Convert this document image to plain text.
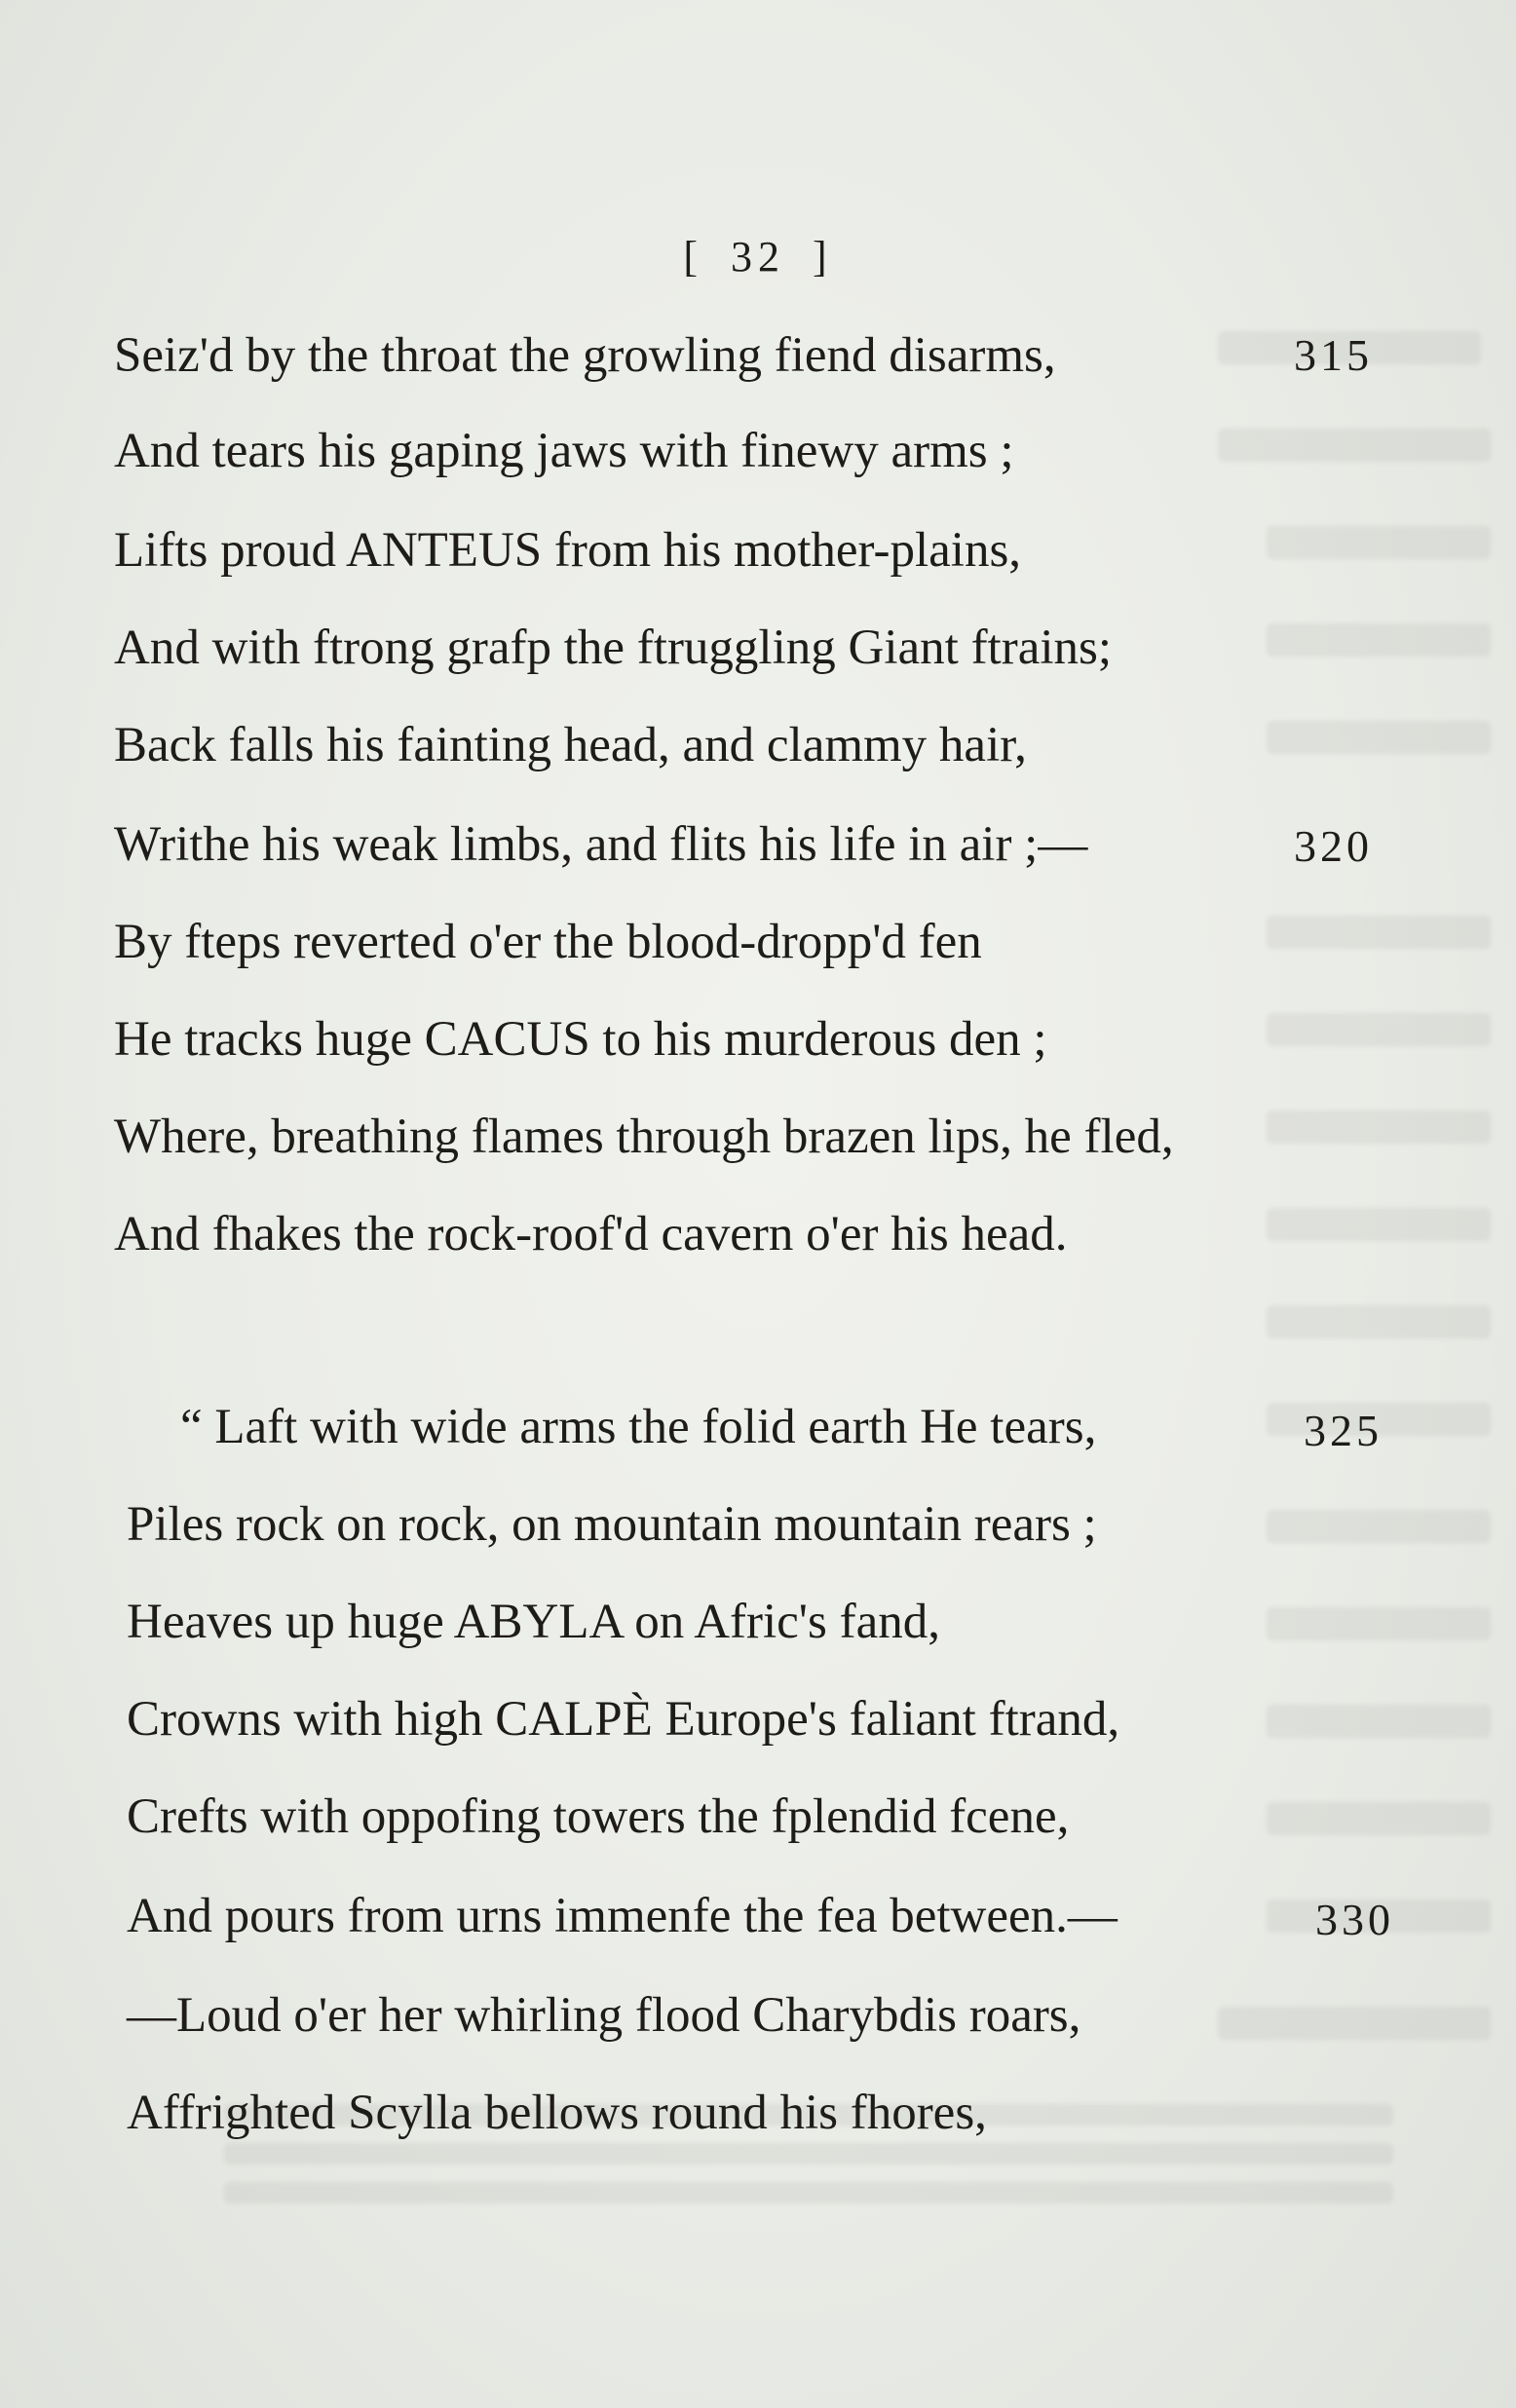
[ 32 ]
Seiz'd by the throat the growling fiend disarms,	315
And tears his gaping jaws with finewy arms ;
Lifts proud ANTEUS from his mother-plains,
And with ftrong grafp the ftruggling Giant ftrains;
Back falls his fainting head, and clammy hair,
Writhe his weak limbs, and flits his life in air ;—	320
By fteps reverted o'er the blood-dropp'd fen
He tracks huge CACUS to his murderous den ;
Where, breathing flames through brazen lips, he fled,
And fhakes the rock-roof'd cavern o'er his head.
“ Laft with wide arms the folid earth He tears,	325
Piles rock on rock, on mountain mountain rears ;
Heaves up huge ABYLA on Afric's fand,
Crowns with high CALPÈ Europe's faliant ftrand,
Crefts with oppofing towers the fplendid fcene,
And pours from urns immenfe the fea between.—	330
—Loud o'er her whirling flood Charybdis roars,
Affrighted Scylla bellows round his fhores,
